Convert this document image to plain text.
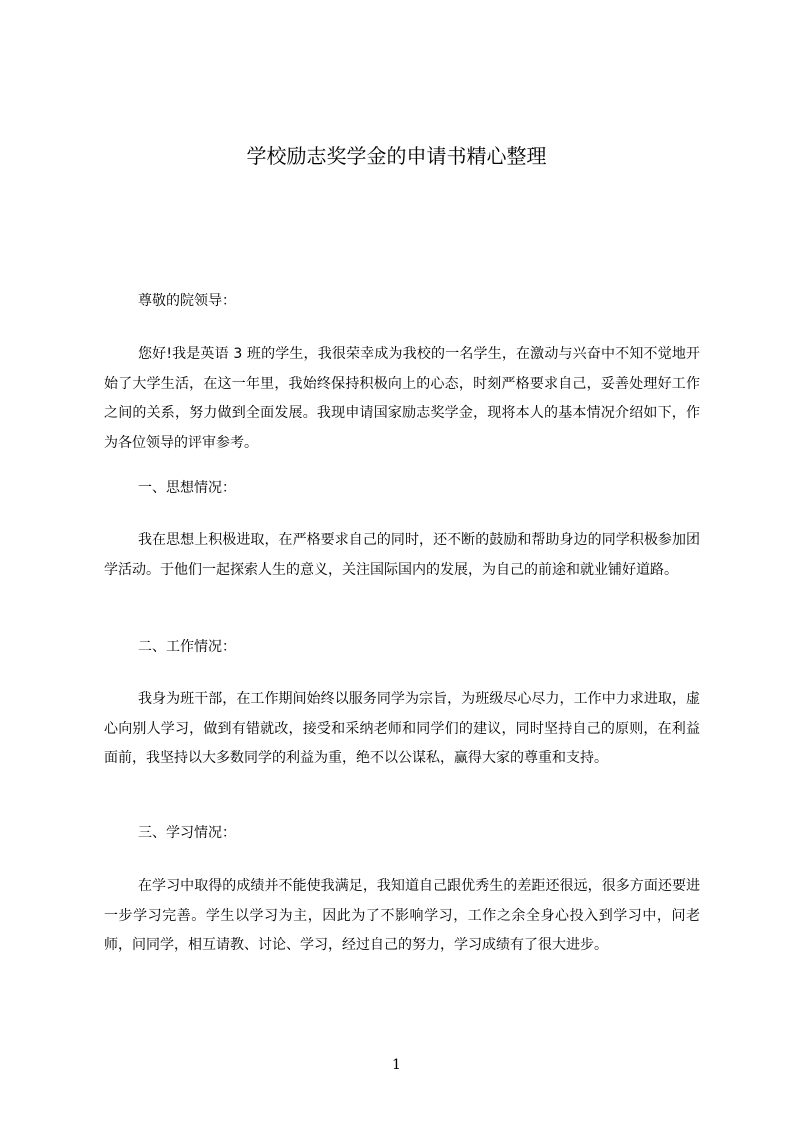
学校励志奖学金的申请书精心整理

尊敬的院领导：

您好!我是英语 3 班的学生，我很荣幸成为我校的一名学生，在激动与兴奋中不知不觉地开始了大学生活，在这一年里，我始终保持积极向上的心态，时刻严格要求自己，妥善处理好工作之间的关系，努力做到全面发展。我现申请国家励志奖学金，现将本人的基本情况介绍如下，作为各位领导的评审参考。

一、思想情况：

我在思想上积极进取，在严格要求自己的同时，还不断的鼓励和帮助身边的同学积极参加团学活动。于他们一起探索人生的意义，关注国际国内的发展，为自己的前途和就业铺好道路。

二、工作情况：

我身为班干部，在工作期间始终以服务同学为宗旨，为班级尽心尽力，工作中力求进取，虚心向别人学习，做到有错就改，接受和采纳老师和同学们的建议，同时坚持自己的原则，在利益面前，我坚持以大多数同学的利益为重，绝不以公谋私，赢得大家的尊重和支持。

三、学习情况：

在学习中取得的成绩并不能使我满足，我知道自己跟优秀生的差距还很远，很多方面还要进一步学习完善。学生以学习为主，因此为了不影响学习，工作之余全身心投入到学习中，问老师，问同学，相互请教、讨论、学习，经过自己的努力，学习成绩有了很大进步。

1
